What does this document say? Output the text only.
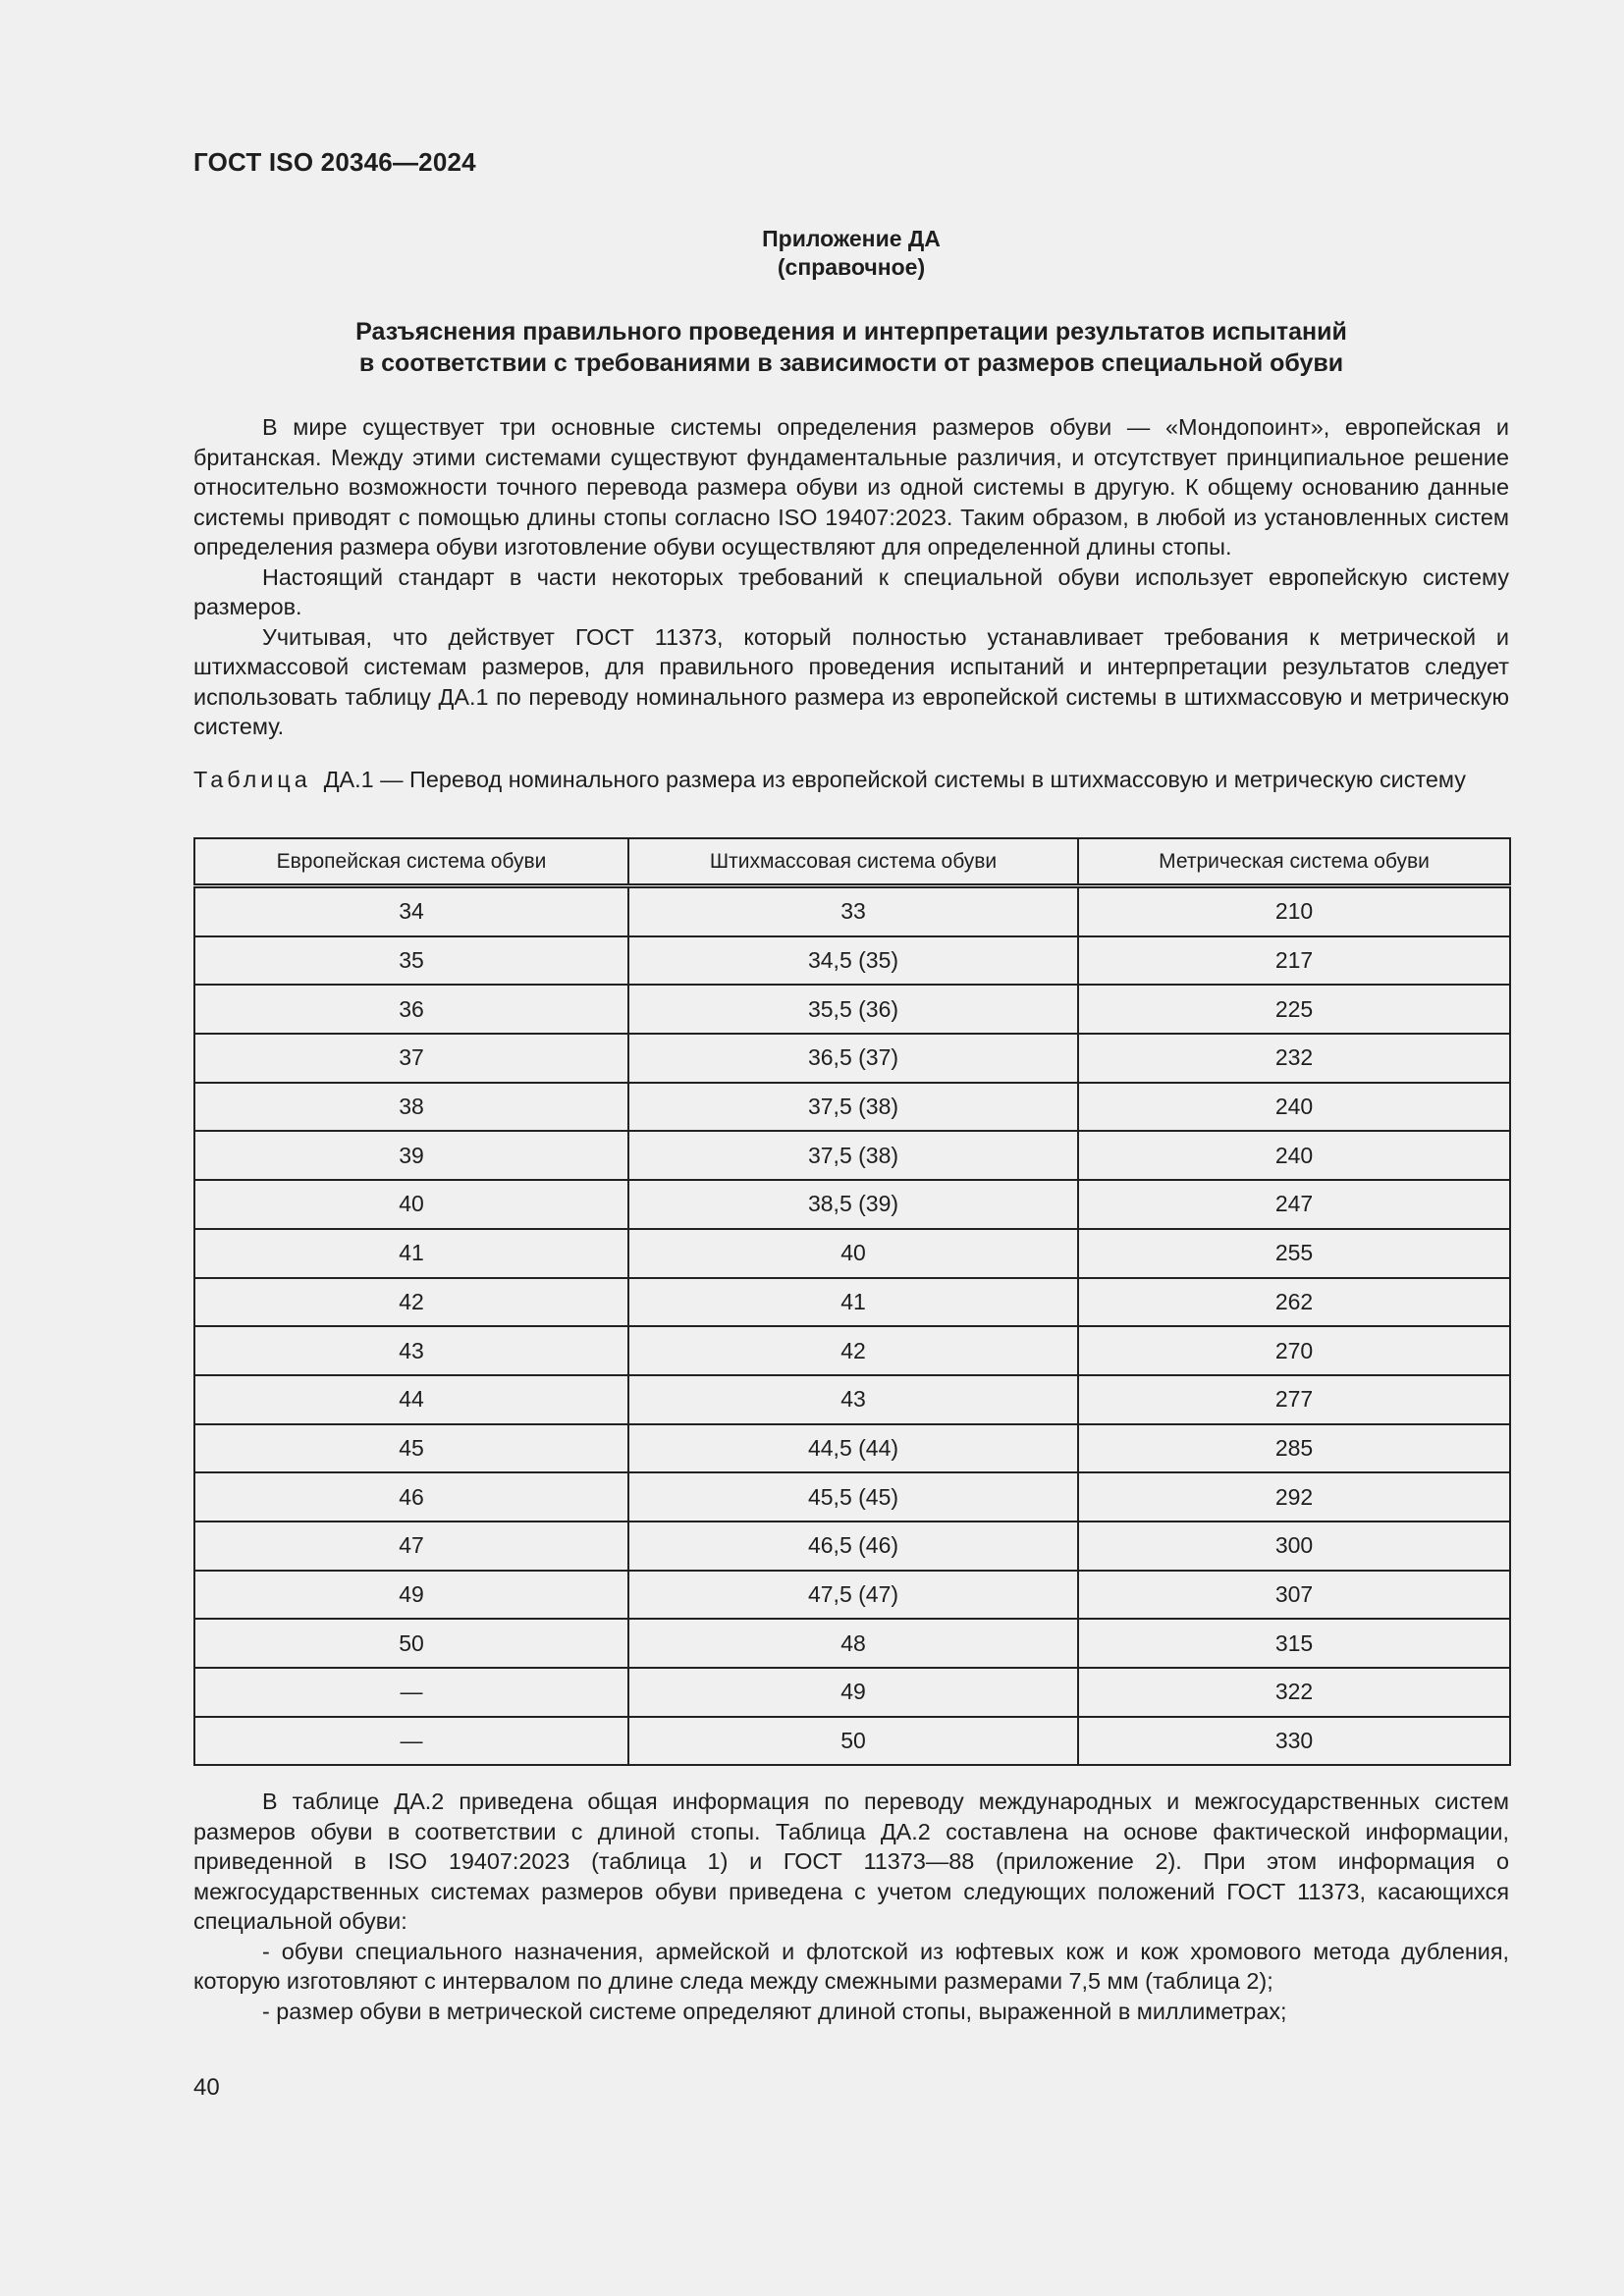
ГОСТ ISO 20346—2024
Приложение ДА
(справочное)
Разъяснения правильного проведения и интерпретации результатов испытаний
в соответствии с требованиями в зависимости от размеров специальной обуви

В мире существует три основные системы определения размеров обуви — «Мондопоинт», европейская и британская. Между этими системами существуют фундаментальные различия, и отсутствует принципиальное решение относительно возможности точного перевода размера обуви из одной системы в другую. К общему основанию данные системы приводят с помощью длины стопы согласно ISO 19407:2023. Таким образом, в любой из установленных систем определения размера обуви изготовление обуви осуществляют для определенной длины стопы.

Настоящий стандарт в части некоторых требований к специальной обуви использует европейскую систему размеров.

Учитывая, что действует ГОСТ 11373, который полностью устанавливает требования к метрической и штихмассовой системам размеров, для правильного проведения испытаний и интерпретации результатов следует использовать таблицу ДА.1 по переводу номинального размера из европейской системы в штихмассовую и метрическую систему.

Таблица ДА.1 — Перевод номинального размера из европейской системы в штихмассовую и метрическую систему
Европейская система обуви	Штихмассовая система обуви	Метрическая система обуви
34	33	210
35	34,5 (35)	217
36	35,5 (36)	225
37	36,5 (37)	232
38	37,5 (38)	240
39	37,5 (38)	240
40	38,5 (39)	247
41	40	255
42	41	262
43	42	270
44	43	277
45	44,5 (44)	285
46	45,5 (45)	292
47	46,5 (46)	300
49	47,5 (47)	307
50	48	315
—	49	322
—	50	330

В таблице ДА.2 приведена общая информация по переводу международных и межгосударственных систем размеров обуви в соответствии с длиной стопы. Таблица ДА.2 составлена на основе фактической информации, приведенной в ISO 19407:2023 (таблица 1) и ГОСТ 11373—88 (приложение 2). При этом информация о межгосударственных системах размеров обуви приведена с учетом следующих положений ГОСТ 11373, касающихся специальной обуви:

- обуви специального назначения, армейской и флотской из юфтевых кож и кож хромового метода дубления, которую изготовляют с интервалом по длине следа между смежными размерами 7,5 мм (таблица 2);

- размер обуви в метрической системе определяют длиной стопы, выраженной в миллиметрах;

40
